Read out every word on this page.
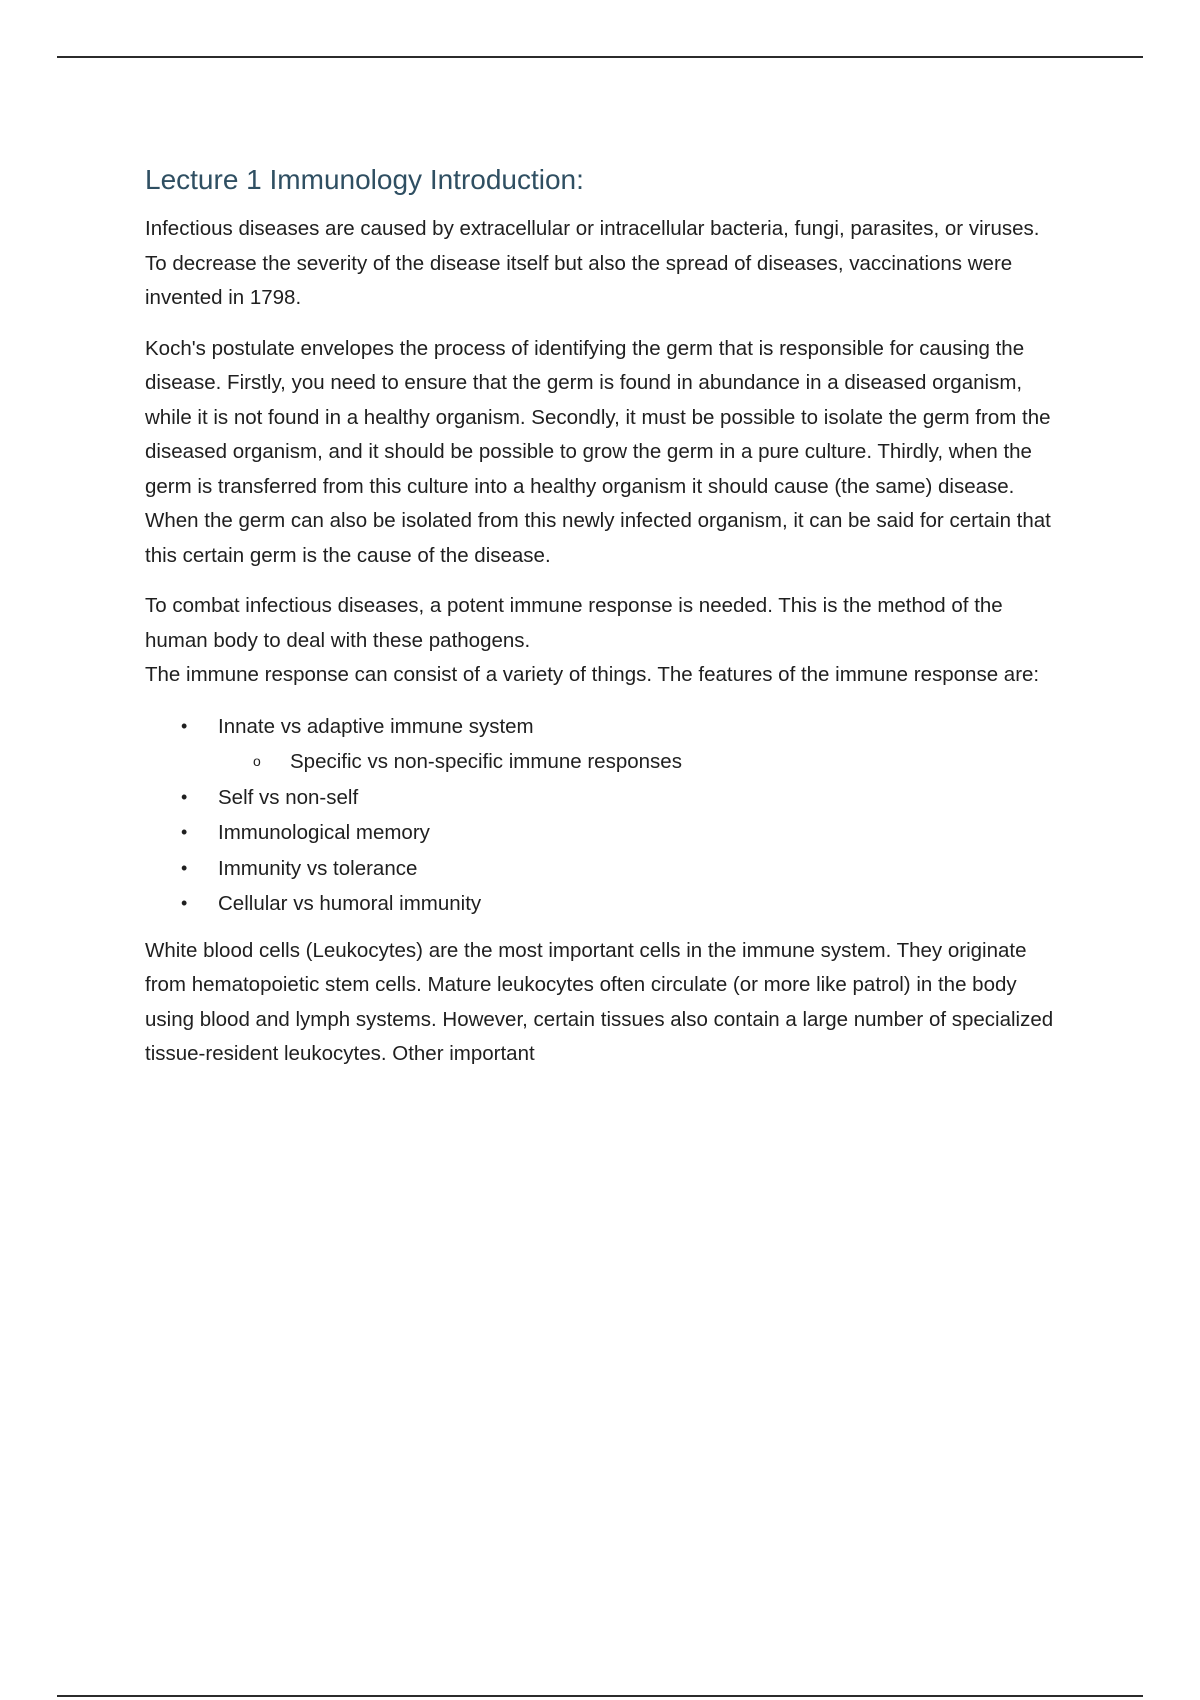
Lecture 1 Immunology Introduction:

Infectious diseases are caused by extracellular or intracellular bacteria, fungi, parasites, or viruses. To decrease the severity of the disease itself but also the spread of diseases, vaccinations were invented in 1798.

Koch's postulate envelopes the process of identifying the germ that is responsible for causing the disease. Firstly, you need to ensure that the germ is found in abundance in a diseased organism, while it is not found in a healthy organism. Secondly, it must be possible to isolate the germ from the diseased organism, and it should be possible to grow the germ in a pure culture. Thirdly, when the germ is transferred from this culture into a healthy organism it should cause (the same) disease. When the germ can also be isolated from this newly infected organism, it can be said for certain that this certain germ is the cause of the disease.

To combat infectious diseases, a potent immune response is needed. This is the method of the human body to deal with these pathogens.

The immune response can consist of a variety of things. The features of the immune response are:

• Innate vs adaptive immune system
o Specific vs non-specific immune responses
• Self vs non-self
• Immunological memory
• Immunity vs tolerance
• Cellular vs humoral immunity

White blood cells (Leukocytes) are the most important cells in the immune system. They originate from hematopoietic stem cells. Mature leukocytes often circulate (or more like patrol) in the body using blood and lymph systems. However, certain tissues also contain a large number of specialized tissue-resident leukocytes. Other important
